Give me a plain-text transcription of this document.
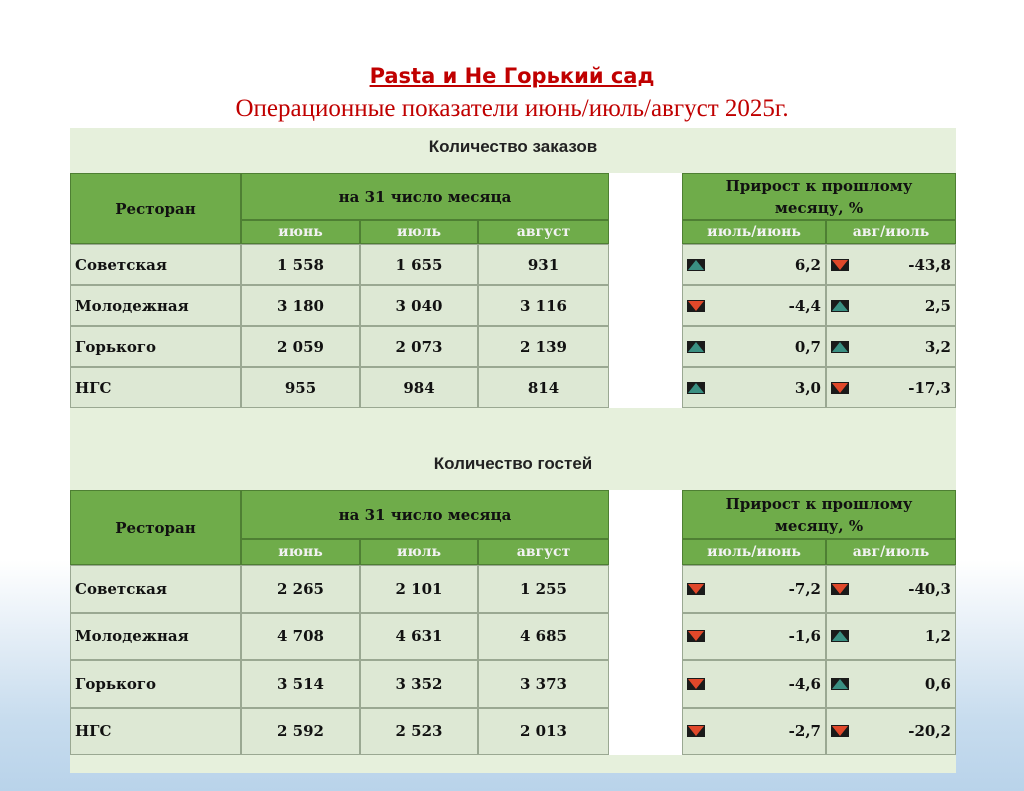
Pasta и Не Горький сад
Операционные показатели июнь/июль/август 2025г.
Количество заказов
Ресторан
на 31 число месяца
Прирост к прошлому месяцу, %
июнь	июль	август	июль/июнь	авг/июль
Советская	1 558	1 655	931	6,2	-43,8
Молодежная	3 180	3 040	3 116	-4,4	2,5
Горького	2 059	2 073	2 139	0,7	3,2
НГС	955	984	814	3,0	-17,3
Количество гостей
Ресторан
на 31 число месяца
Прирост к прошлому месяцу, %
июнь	июль	август	июль/июнь	авг/июль
Советская	2 265	2 101	1 255	-7,2	-40,3
Молодежная	4 708	4 631	4 685	-1,6	1,2
Горького	3 514	3 352	3 373	-4,6	0,6
НГС	2 592	2 523	2 013	-2,7	-20,2
